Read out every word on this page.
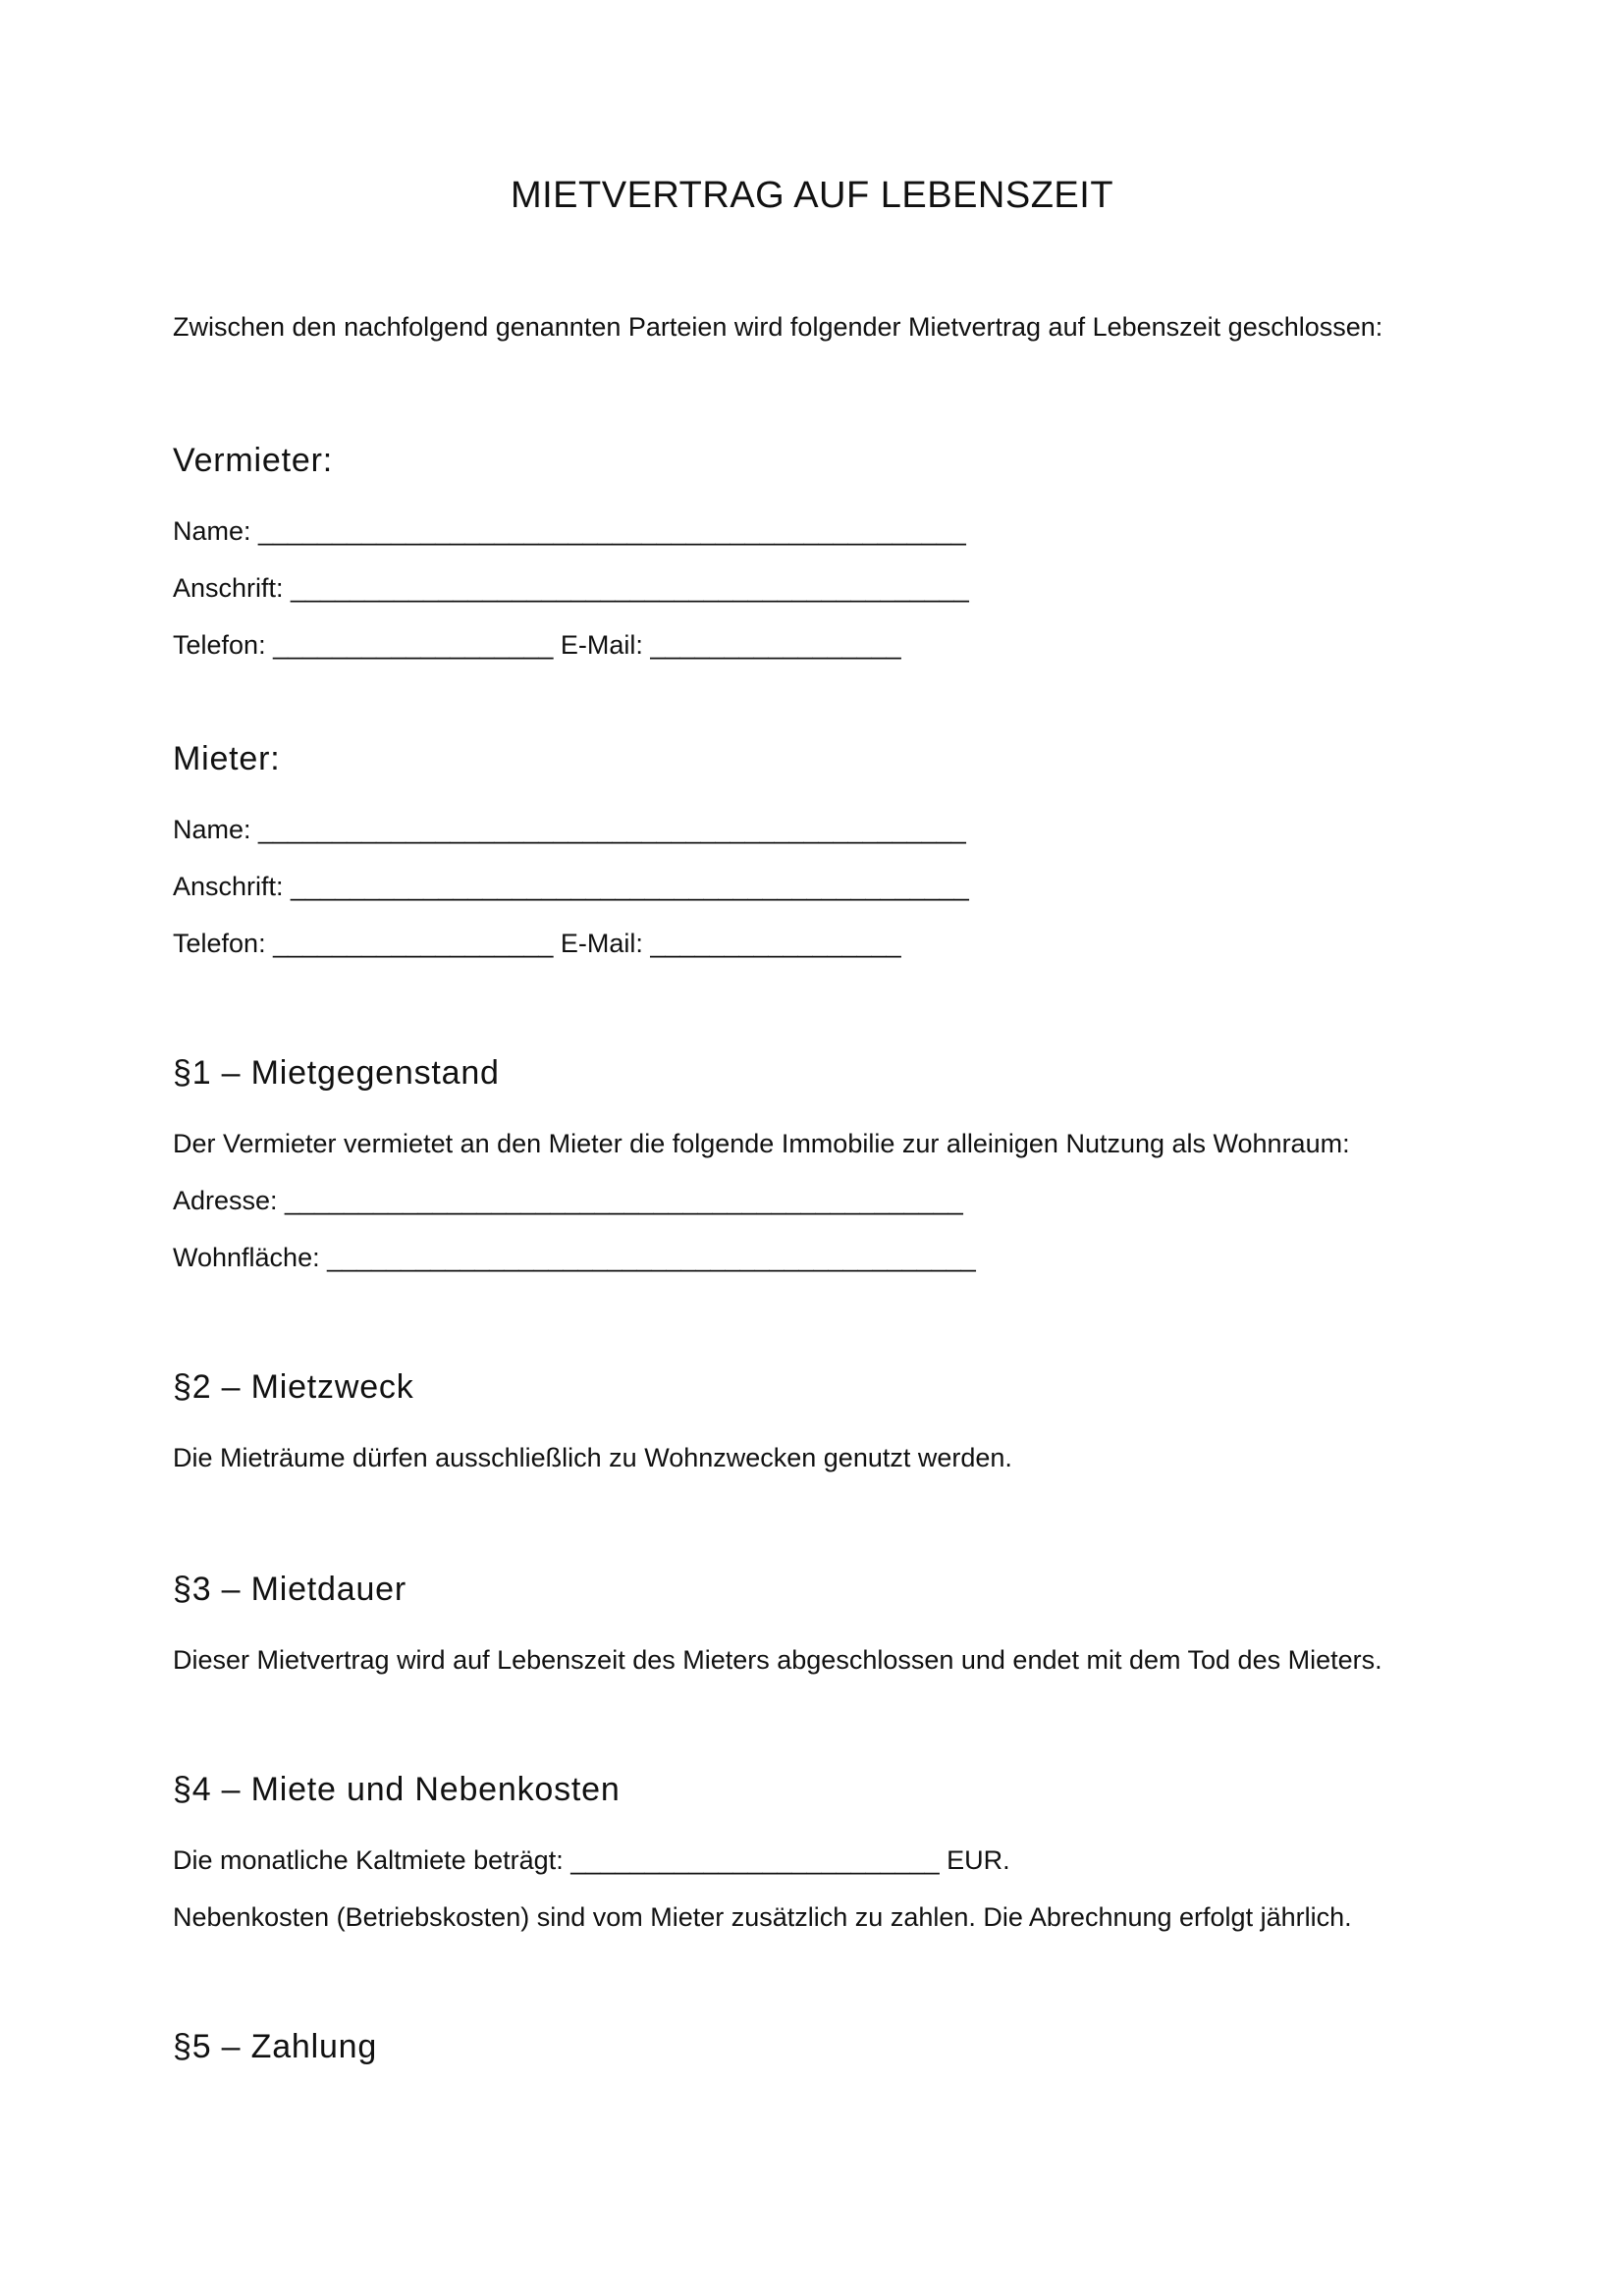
MIETVERTRAG AUF LEBENSZEIT
Zwischen den nachfolgend genannten Parteien wird folgender Mietvertrag auf Lebenszeit geschlossen:
Vermieter:
Name: ________________________________________________
Anschrift: ______________________________________________
Telefon: ___________________ E-Mail: _________________
Mieter:
Name: ________________________________________________
Anschrift: ______________________________________________
Telefon: ___________________ E-Mail: _________________
§1 – Mietgegenstand
Der Vermieter vermietet an den Mieter die folgende Immobilie zur alleinigen Nutzung als Wohnraum:
Adresse: ______________________________________________
Wohnfläche: ____________________________________________
§2 – Mietzweck
Die Mieträume dürfen ausschließlich zu Wohnzwecken genutzt werden.
§3 – Mietdauer
Dieser Mietvertrag wird auf Lebenszeit des Mieters abgeschlossen und endet mit dem Tod des Mieters.
§4 – Miete und Nebenkosten
Die monatliche Kaltmiete beträgt: _________________________ EUR.
Nebenkosten (Betriebskosten) sind vom Mieter zusätzlich zu zahlen. Die Abrechnung erfolgt jährlich.
§5 – Zahlung
